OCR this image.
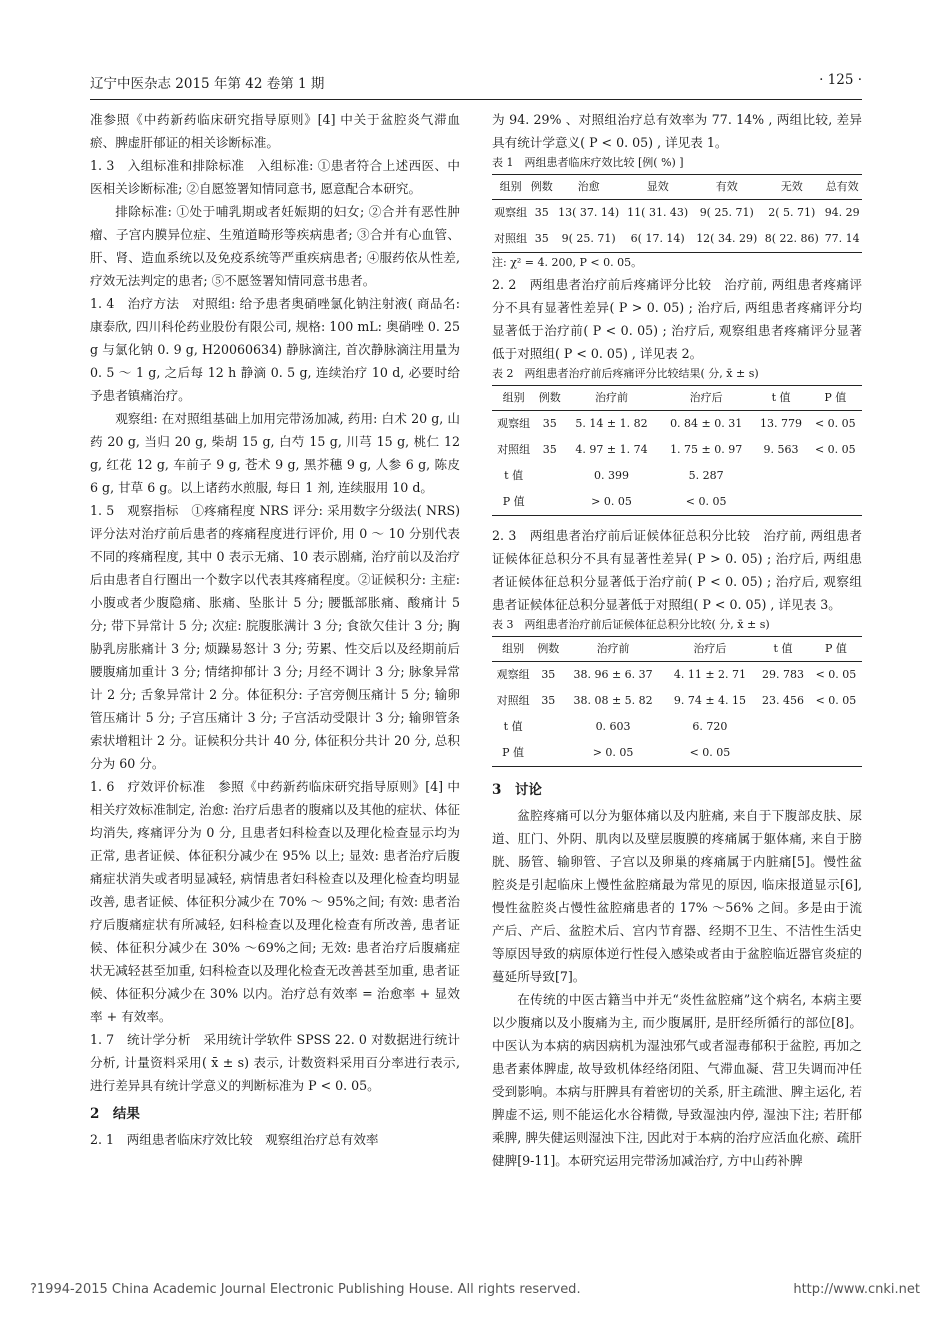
辽宁中医杂志 2015 年第 42 卷第 1 期	· 125 ·

准参照《中药新药临床研究指导原则》[4] 中关于盆腔炎气滞血瘀、脾虚肝郁证的相关诊断标准。

1. 3　入组标准和排除标准　入组标准: ①患者符合上述西医、中医相关诊断标准; ②自愿签署知情同意书, 愿意配合本研究。

排除标准: ①处于哺乳期或者妊娠期的妇女; ②合并有恶性肿瘤、子宫内膜异位症、生殖道畸形等疾病患者; ③合并有心血管、肝、肾、造血系统以及免疫系统等严重疾病患者; ④服药依从性差, 疗效无法判定的患者; ⑤不愿签署知情同意书患者。

1. 4　治疗方法　对照组: 给予患者奥硝唑氯化钠注射液( 商品名: 康泰欣, 四川科伦药业股份有限公司, 规格: 100 mL: 奥硝唑 0. 25 g 与氯化钠 0. 9 g, H20060634) 静脉滴注, 首次静脉滴注用量为 0. 5 ～ 1 g, 之后每 12 h 静滴 0. 5 g, 连续治疗 10 d, 必要时给予患者镇痛治疗。

观察组: 在对照组基础上加用完带汤加减, 药用: 白术 20 g, 山药 20 g, 当归 20 g, 柴胡 15 g, 白芍 15 g, 川芎 15 g, 桃仁 12 g, 红花 12 g, 车前子 9 g, 苍术 9 g, 黑芥穗 9 g, 人参 6 g, 陈皮 6 g, 甘草 6 g。以上诸药水煎服, 每日 1 剂, 连续服用 10 d。

1. 5　观察指标　①疼痛程度 NRS 评分: 采用数字分级法( NRS) 评分法对治疗前后患者的疼痛程度进行评价, 用 0 ～ 10 分别代表不同的疼痛程度, 其中 0 表示无痛、10 表示剧痛, 治疗前以及治疗后由患者自行圈出一个数字以代表其疼痛程度。②证候积分: 主症: 小腹或者少腹隐痛、胀痛、坠胀计 5 分; 腰骶部胀痛、酸痛计 5 分; 带下异常计 5 分; 次症: 脘腹胀满计 3 分; 食欲欠佳计 3 分; 胸胁乳房胀痛计 3 分; 烦躁易怒计 3 分; 劳累、性交后以及经期前后腰腹痛加重计 3 分; 情绪抑郁计 3 分; 月经不调计 3 分; 脉象异常计 2 分; 舌象异常计 2 分。体征积分: 子宫旁侧压痛计 5 分; 输卵管压痛计 5 分; 子宫压痛计 3 分; 子宫活动受限计 3 分; 输卵管条索状增粗计 2 分。证候积分共计 40 分, 体征积分共计 20 分, 总积分为 60 分。

1. 6　疗效评价标准　参照《中药新药临床研究指导原则》[4] 中相关疗效标准制定, 治愈: 治疗后患者的腹痛以及其他的症状、体征均消失, 疼痛评分为 0 分, 且患者妇科检查以及理化检查显示均为正常, 患者证候、体征积分减少在 95% 以上; 显效: 患者治疗后腹痛症状消失或者明显减轻, 病情患者妇科检查以及理化检查均明显改善, 患者证候、体征积分减少在 70% ～ 95%之间; 有效: 患者治疗后腹痛症状有所减轻, 妇科检查以及理化检查有所改善, 患者证候、体征积分减少在 30% ～69%之间; 无效: 患者治疗后腹痛症状无减轻甚至加重, 妇科检查以及理化检查无改善甚至加重, 患者证候、体征积分减少在 30% 以内。治疗总有效率 = 治愈率 + 显效率 + 有效率。

1. 7　统计学分析　采用统计学软件 SPSS 22. 0 对数据进行统计分析, 计量资料采用( x̄ ± s) 表示, 计数资料采用百分率进行表示, 进行差异具有统计学意义的判断标准为 P < 0. 05。

2　结果

2. 1　两组患者临床疗效比较　观察组治疗总有效率

为 94. 29% 、对照组治疗总有效率为 77. 14% , 两组比较, 差异具有统计学意义( P < 0. 05) , 详见表 1。

表 1　两组患者临床疗效比较 [例( %) ]

组别	例数	治愈	显效	有效	无效	总有效
观察组	35	13( 37. 14)	11( 31. 43)	9( 25. 71)	2( 5. 71)	94. 29
对照组	35	9( 25. 71)	6( 17. 14)	12( 34. 29)	8( 22. 86)	77. 14

注: χ² = 4. 200, P < 0. 05。

2. 2　两组患者治疗前后疼痛评分比较　治疗前, 两组患者疼痛评分不具有显著性差异( P > 0. 05) ; 治疗后, 两组患者疼痛评分均显著低于治疗前( P < 0. 05) ; 治疗后, 观察组患者疼痛评分显著低于对照组( P < 0. 05) , 详见表 2。

表 2　两组患者治疗前后疼痛评分比较结果( 分, x̄ ± s)

组别	例数	治疗前	治疗后	t 值	P 值
观察组	35	5. 14 ± 1. 82	0. 84 ± 0. 31	13. 779	< 0. 05
对照组	35	4. 97 ± 1. 74	1. 75 ± 0. 97	9. 563	< 0. 05
t 值		0. 399	5. 287		
P 值		> 0. 05	< 0. 05		

2. 3　两组患者治疗前后证候体征总积分比较　治疗前, 两组患者证候体征总积分不具有显著性差异( P > 0. 05) ; 治疗后, 两组患者证候体征总积分显著低于治疗前( P < 0. 05) ; 治疗后, 观察组患者证候体征总积分显著低于对照组( P < 0. 05) , 详见表 3。

表 3　两组患者治疗前后证候体征总积分比较( 分, x̄ ± s)

组别	例数	治疗前	治疗后	t 值	P 值
观察组	35	38. 96 ± 6. 37	4. 11 ± 2. 71	29. 783	< 0. 05
对照组	35	38. 08 ± 5. 82	9. 74 ± 4. 15	23. 456	< 0. 05
t 值		0. 603	6. 720		
P 值		> 0. 05	< 0. 05		
3　讨论

盆腔疼痛可以分为躯体痛以及内脏痛, 来自于下腹部皮肤、尿道、肛门、外阴、肌肉以及壁层腹膜的疼痛属于躯体痛, 来自于膀胱、肠管、输卵管、子宫以及卵巢的疼痛属于内脏痛[5]。慢性盆腔炎是引起临床上慢性盆腔痛最为常见的原因, 临床报道显示[6], 慢性盆腔炎占慢性盆腔痛患者的 17% ～56% 之间。多是由于流产后、产后、盆腔术后、宫内节育器、经期不卫生、不洁性生活史等原因导致的病原体逆行性侵入感染或者由于盆腔临近器官炎症的蔓延所导致[7]。

在传统的中医古籍当中并无“炎性盆腔痛”这个病名, 本病主要以少腹痛以及小腹痛为主, 而少腹属肝, 是肝经所循行的部位[8]。中医认为本病的病因病机为湿浊邪气或者湿毒郁积于盆腔, 再加之患者素体脾虚, 故导致机体经络闭阻、气滞血凝、营卫失调而冲任受到影响。本病与肝脾具有着密切的关系, 肝主疏泄、脾主运化, 若脾虚不运, 则不能运化水谷精微, 导致湿浊内停, 湿浊下注; 若肝郁乘脾, 脾失健运则湿浊下注, 因此对于本病的治疗应活血化瘀、疏肝健脾[9-11]。本研究运用完带汤加减治疗, 方中山药补脾

?1994-2015 China Academic Journal Electronic Publishing House. All rights reserved.	http://www.cnki.net
